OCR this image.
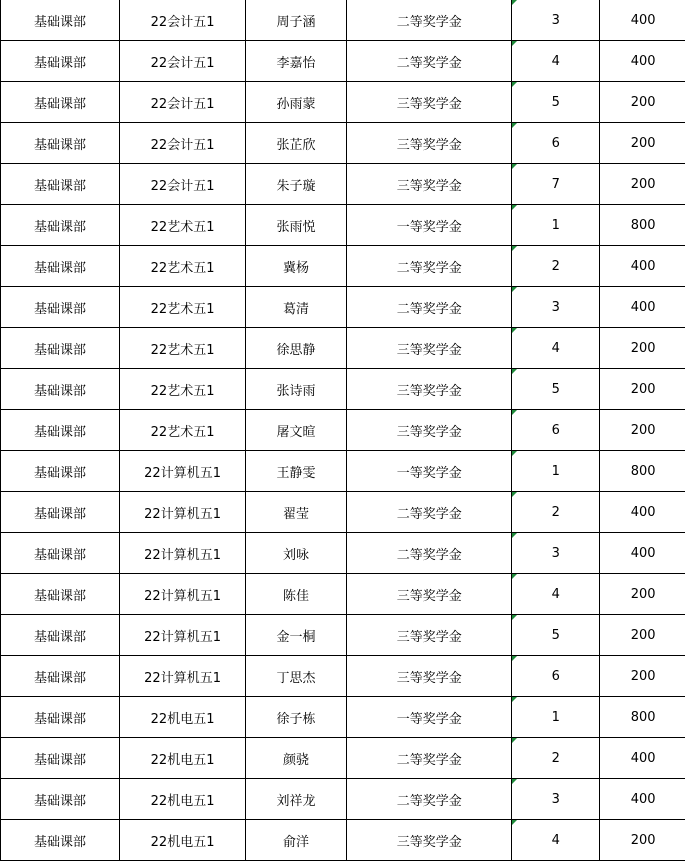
基础课部	22会计五1	周子涵	二等奖学金	3	400
基础课部	22会计五1	李嘉怡	二等奖学金	4	400
基础课部	22会计五1	孙雨蒙	三等奖学金	5	200
基础课部	22会计五1	张芷欣	三等奖学金	6	200
基础课部	22会计五1	朱子璇	三等奖学金	7	200
基础课部	22艺术五1	张雨悦	一等奖学金	1	800
基础课部	22艺术五1	冀杨	二等奖学金	2	400
基础课部	22艺术五1	葛清	二等奖学金	3	400
基础课部	22艺术五1	徐思静	三等奖学金	4	200
基础课部	22艺术五1	张诗雨	三等奖学金	5	200
基础课部	22艺术五1	屠文暄	三等奖学金	6	200
基础课部	22计算机五1	王静雯	一等奖学金	1	800
基础课部	22计算机五1	翟莹	二等奖学金	2	400
基础课部	22计算机五1	刘咏	二等奖学金	3	400
基础课部	22计算机五1	陈佳	三等奖学金	4	200
基础课部	22计算机五1	金一桐	三等奖学金	5	200
基础课部	22计算机五1	丁思杰	三等奖学金	6	200
基础课部	22机电五1	徐子栋	一等奖学金	1	800
基础课部	22机电五1	颜骁	二等奖学金	2	400
基础课部	22机电五1	刘祥龙	二等奖学金	3	400
基础课部	22机电五1	俞洋	三等奖学金	4	200
